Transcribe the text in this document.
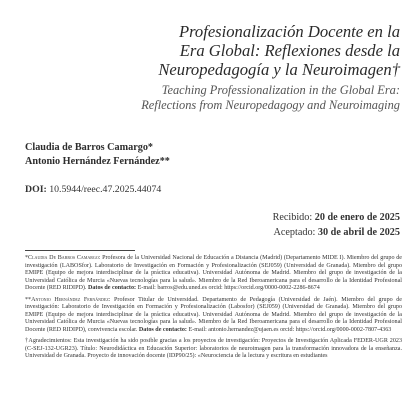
Profesionalización Docente en la
Era Global: Reflexiones desde la
Neuropedagogía y la Neuroimagen†
Teaching Professionalization in the Global Era:
Reflections from Neuropedagogy and Neuroimaging
Claudia de Barros Camargo*
Antonio Hernández Fernández**
DOI: 10.5944/reec.47.2025.44074
Recibido: 20 de enero de 2025
Aceptado: 30 de abril de 2025

*Claudia De Barros Camargo: Profesora de la Universidad Nacional de Educación a Distancia (Madrid) (Departamento MIDE I). Miembro del grupo de investigación (LABOSfor). Laboratorio de Investigación en Formación y Profesionalización (SEJ059) (Universidad de Granada). Miembro del grupo EMIPE (Equipo de mejora interdisciplinar de la práctica educativa). Universidad Autónoma de Madrid. Miembro del grupo de investigación de la Universidad Católica de Murcia «Nuevas tecnologías para la salud». Miembro de la Red Iberoamericana para el desarrollo de la Identidad Profesional Docente (RED RIDIPD). Datos de contacto: E-mail: barros@edu.uned.es orcid: https://orcid.org/0000-0002-2286-8674

**Antonio Hernández Fernández: Profesor Titular de Universidad. Departamento de Pedagogía (Universidad de Jaén). Miembro del grupo de investigación: Laboratorio de Investigación en Formación y Profesionalización (Labosfor) (SEJ059) (Universidad de Granada). Miembro del grupo EMIPE (Equipo de mejora interdisciplinar de la práctica educativa). Universidad Autónoma de Madrid. Miembro del grupo de investigación de la Universidad Católica de Murcia «Nuevas tecnologías para la salud». Miembro de la Red Iberoamericana para el desarrollo de la Identidad Profesional Docente (RED RIDIPD), convivencia escolar. Datos de contacto: E-mail: antonio.hernandez@ujaen.es orcid: https://orcid.org/0000-0002-7807-4363

†Agradecimientos: Esta investigación ha sido posible gracias a los proyectos de investigación: Proyectos de Investigación Aplicada FEDER-UGR 2023 (C-SEJ-132-UGR23). Título: Neurodidáctica en Educación Superior: laboratorios de neuroimagen para la transformación innovadora de la enseñanza. Universidad de Granada. Proyecto de innovación docente (IDP90/25): «Neurociencia de la lectura y escritura en estudiantes
